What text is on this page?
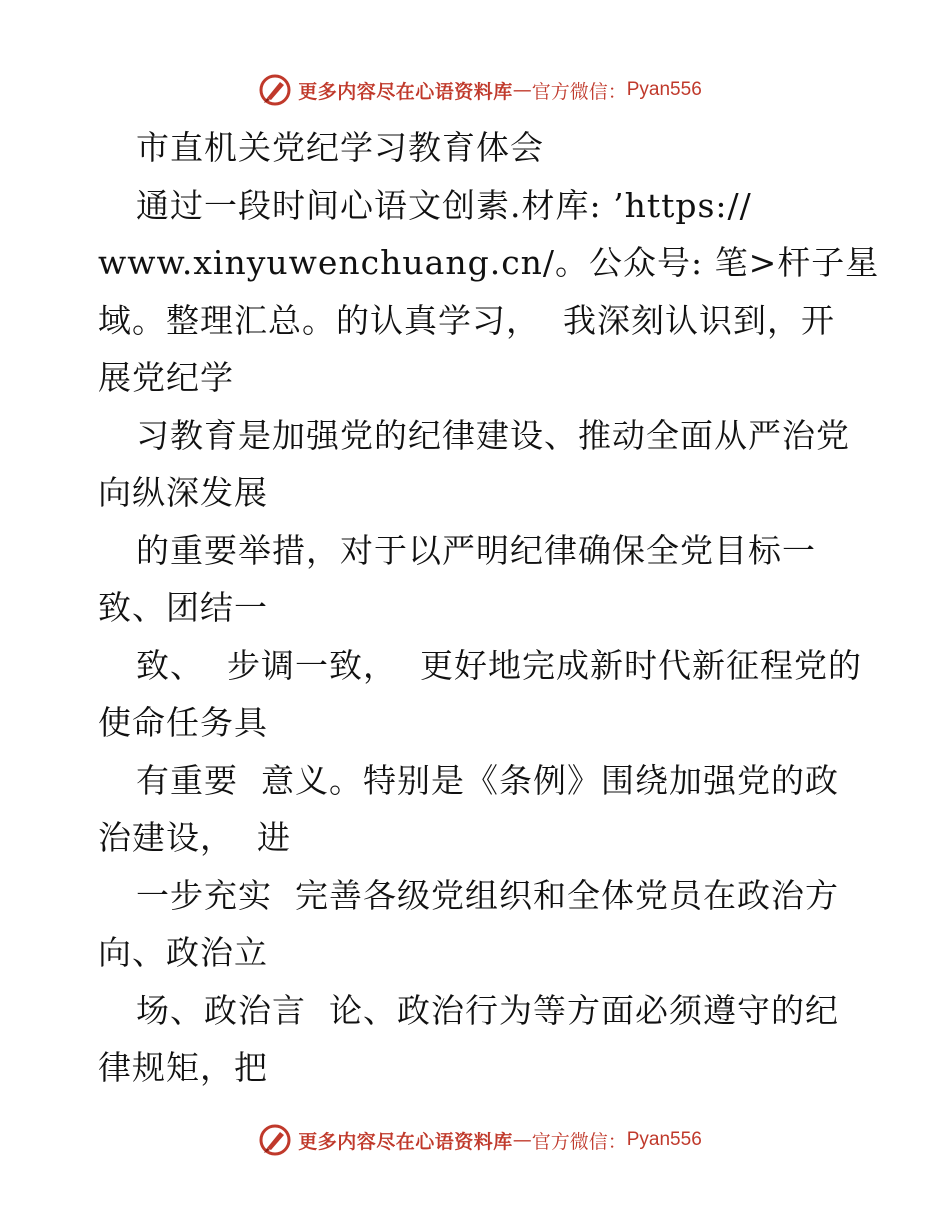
更多内容尽在心语资料库 — 官方微信： Pyan556
市直机关党纪学习教育体会
通过一段时间心语文创素.材库: ’https://
www.xinyuwenchuang.cn/。公众号: 笔>杆子星
域。整理汇总。的认真学习，  我深刻认识到，开
展党纪学
习教育是加强党的纪律建设、推动全面从严治党
向纵深发展
的重要举措，对于以严明纪律确保全党目标一
致、团结一
致、  步调一致，  更好地完成新时代新征程党的
使命任务具
有重要  意义。特别是《条例》围绕加强党的政
治建设，  进
一步充实  完善各级党组织和全体党员在政治方
向、政治立
场、政治言  论、政治行为等方面必须遵守的纪
律规矩，把
更多内容尽在心语资料库 — 官方微信： Pyan556
